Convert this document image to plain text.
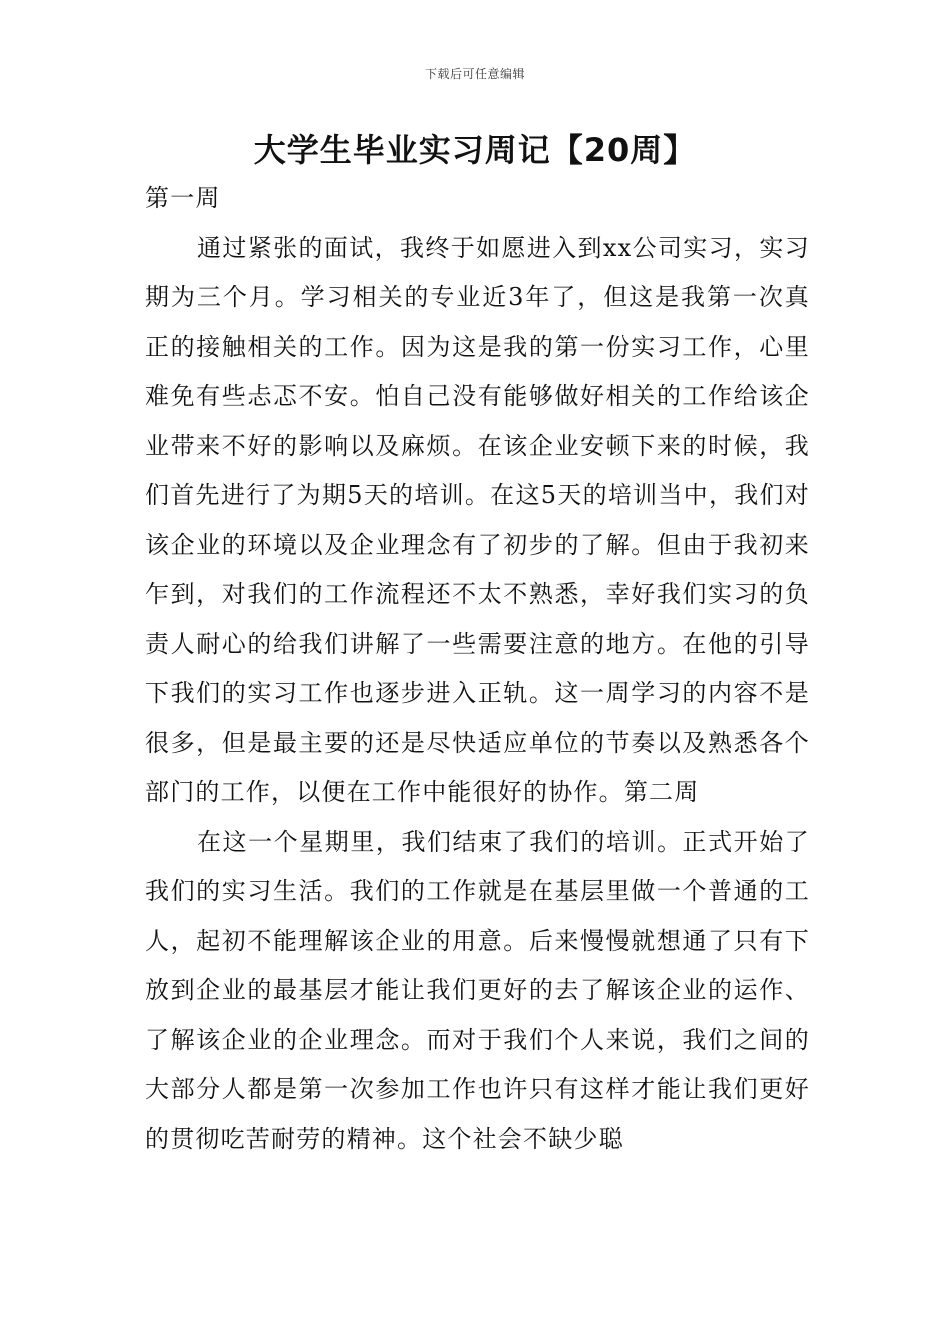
下载后可任意编辑
大学生毕业实习周记【20周】

第一周

通过紧张的面试，我终于如愿进入到xx公司实习，实习期为三个月。学习相关的专业近3年了，但这是我第一次真正的接触相关的工作。因为这是我的第一份实习工作，心里难免有些忐忑不安。怕自己没有能够做好相关的工作给该企业带来不好的影响以及麻烦。在该企业安顿下来的时候，我们首先进行了为期5天的培训。在这5天的培训当中，我们对该企业的环境以及企业理念有了初步的了解。但由于我初来乍到，对我们的工作流程还不太不熟悉，幸好我们实习的负责人耐心的给我们讲解了一些需要注意的地方。在他的引导下我们的实习工作也逐步进入正轨。这一周学习的内容不是很多，但是最主要的还是尽快适应单位的节奏以及熟悉各个部门的工作，以便在工作中能很好的协作。第二周

在这一个星期里，我们结束了我们的培训。正式开始了我们的实习生活。我们的工作就是在基层里做一个普通的工人，起初不能理解该企业的用意。后来慢慢就想通了只有下放到企业的最基层才能让我们更好的去了解该企业的运作、了解该企业的企业理念。而对于我们个人来说，我们之间的大部分人都是第一次参加工作也许只有这样才能让我们更好的贯彻吃苦耐劳的精神。这个社会不缺少聪
